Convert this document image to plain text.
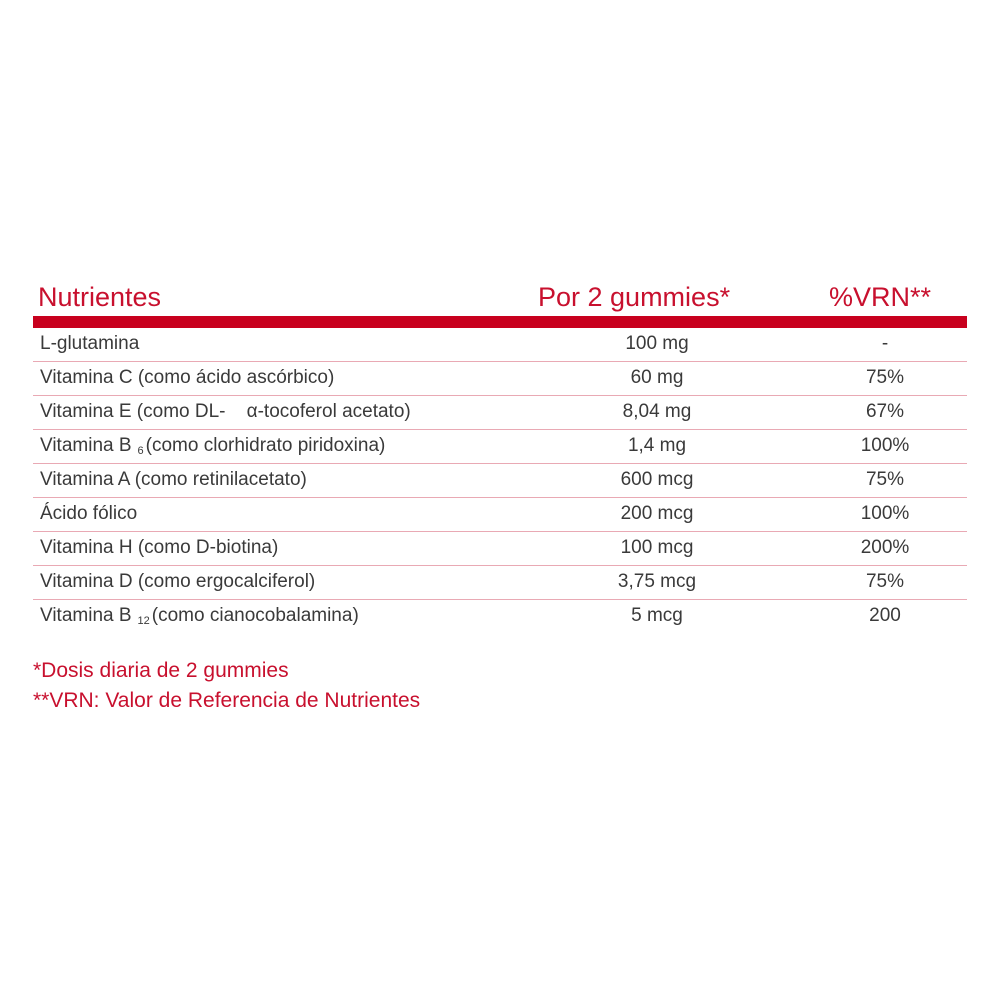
Nutrientes	Por 2 gummies*	%VRN**
L-glutamina	100 mg	-
Vitamina C (como ácido ascórbico)	60 mg	75%
Vitamina E (como DL-    α-tocoferol acetato)	8,04 mg	67%
Vitamina B $_6$ (como clorhidrato piridoxina)	1,4 mg	100%
Vitamina A (como retinilacetato)	600 mcg	75%
Ácido fólico	200 mcg	100%
Vitamina H (como D-biotina)	100 mcg	200%
Vitamina D (como ergocalciferol)	3,75 mcg	75%
Vitamina B $_{12}$ (como cianocobalamina)	5 mcg	200
*Dosis diaria de 2 gummies
**VRN: Valor de Referencia de Nutrientes
